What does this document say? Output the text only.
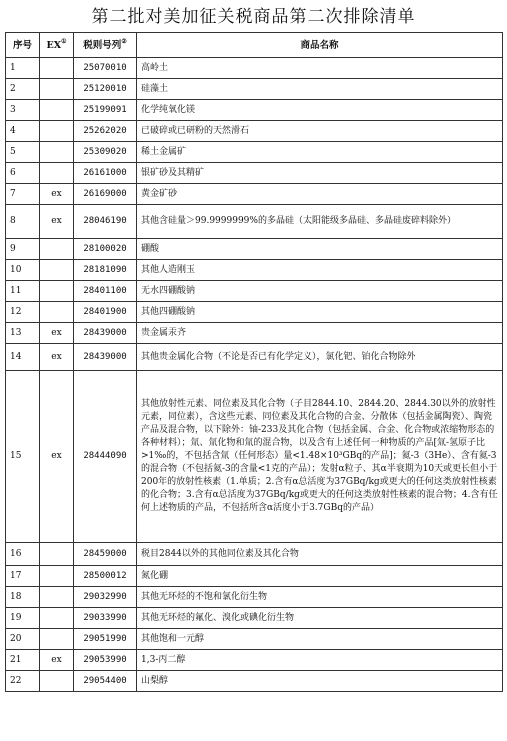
第二批对美加征关税商品第二次排除清单
序号	EX①	税则号列②	商品名称
1		25070010	高岭土
2		25120010	硅藻土
3		25199091	化学纯氧化镁
4		25262020	已破碎或已研粉的天然滑石
5		25309020	稀土金属矿
6		26161000	银矿砂及其精矿
7	ex	26169000	黄金矿砂
8	ex	28046190	其他含硅量＞99.9999999%的多晶硅（太阳能级多晶硅、多晶硅废碎料除外）
9		28100020	硼酸
10		28181090	其他人造刚玉
11		28401100	无水四硼酸钠
12		28401900	其他四硼酸钠
13	ex	28439000	贵金属汞齐
14	ex	28439000	其他贵金属化合物（不论是否已有化学定义），氯化钯、铂化合物除外
15	ex	28444090	其他放射性元素、同位素及其化合物（子目2844.10、2844.20、2844.30以外的放射性元素，同位素），含这些元素、同位素及其化合物的合金、分散体（包括金属陶瓷）、陶瓷产品及混合物，以下除外：铀-233及其化合物（包括金属、合金、化合物或浓缩物形态的各种材料）；氚、氚化物和氚的混合物，以及含有上述任何一种物质的产品[氚-氢原子比>1‰的，不包括含氚（任何形态）量<1.48×10³GBq的产品]；氦-3（3He）、含有氦-3的混合物（不包括氦-3的含量<1克的产品）；发射α粒子、其α半衰期为10天或更长但小于200年的放射性核素（1.单质；2.含有α总活度为37GBq/kg或更大的任何这类放射性核素的化合物；3.含有α总活度为37GBq/kg或更大的任何这类放射性核素的混合物；4.含有任何上述物质的产品，不包括所含α活度小于3.7GBq的产品）
16		28459000	税目2844以外的其他同位素及其化合物
17		28500012	氮化硼
18		29032990	其他无环烃的不饱和氯化衍生物
19		29033990	其他无环烃的氟化、溴化或碘化衍生物
20		29051990	其他饱和一元醇
21	ex	29053990	1,3-丙二醇
22		29054400	山梨醇
